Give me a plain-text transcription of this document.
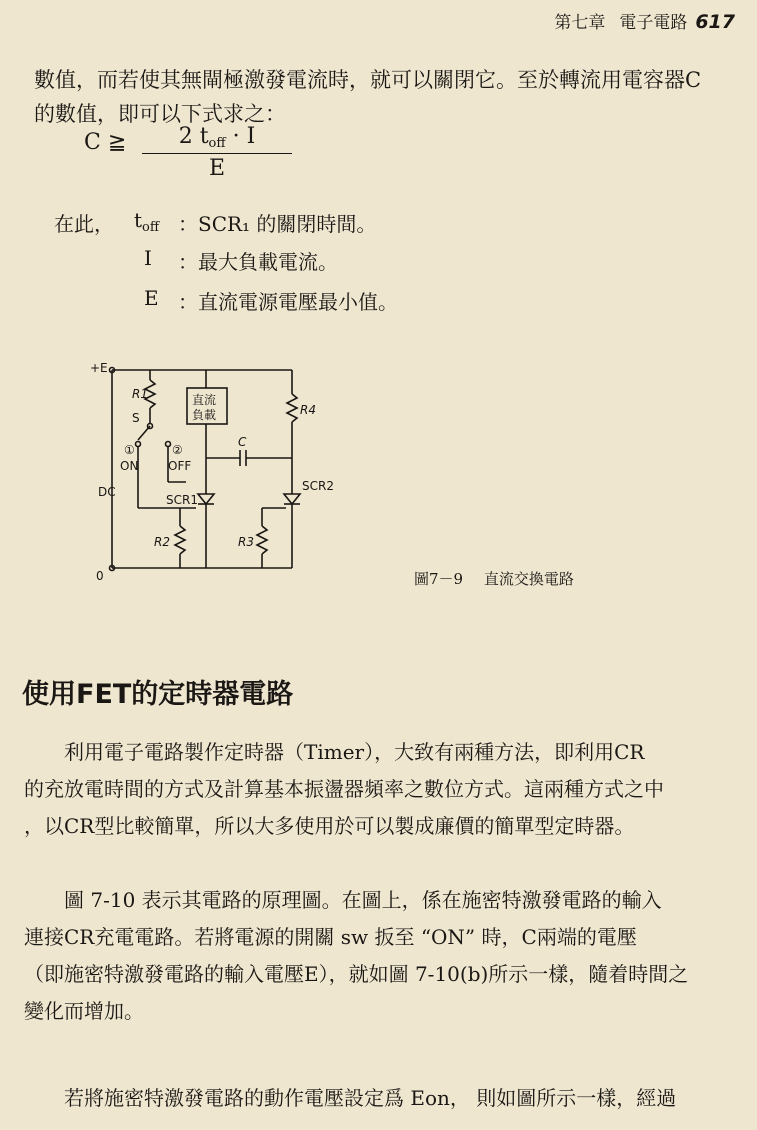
第七章 電子電路 617
數值，而若使其無閘極激發電流時，就可以關閉它。至於轉流用電容器C
的數值，即可以下式求之：
C ≧	2 $t_{off} \cdot I$
E
在此， $t_{off}$ ：SCR₁ 的關閉時間。
I ：最大負載電流。
E ：直流電源電壓最小值。
+E
R1
S
①
ON
②
OFF
DC
0
直流
負載
C
R4
SCR1
SCR2
R2	R3
圖7－9 直流交換電路
使用FET的定時器電路
利用電子電路製作定時器（Timer），大致有兩種方法，即利用CR
的充放電時間的方式及計算基本振盪器頻率之數位方式。這兩種方式之中
，以CR型比較簡單，所以大多使用於可以製成廉價的簡單型定時器。
圖 7-10 表示其電路的原理圖。在圖上，係在施密特激發電路的輸入
連接CR充電電路。若將電源的開關 sw 扳至 “ON” 時，C兩端的電壓
（即施密特激發電路的輸入電壓E），就如圖 7-10(b)所示一樣，隨着時間之
變化而增加。
若將施密特激發電路的動作電壓設定爲 Eon， 則如圖所示一樣，經過
